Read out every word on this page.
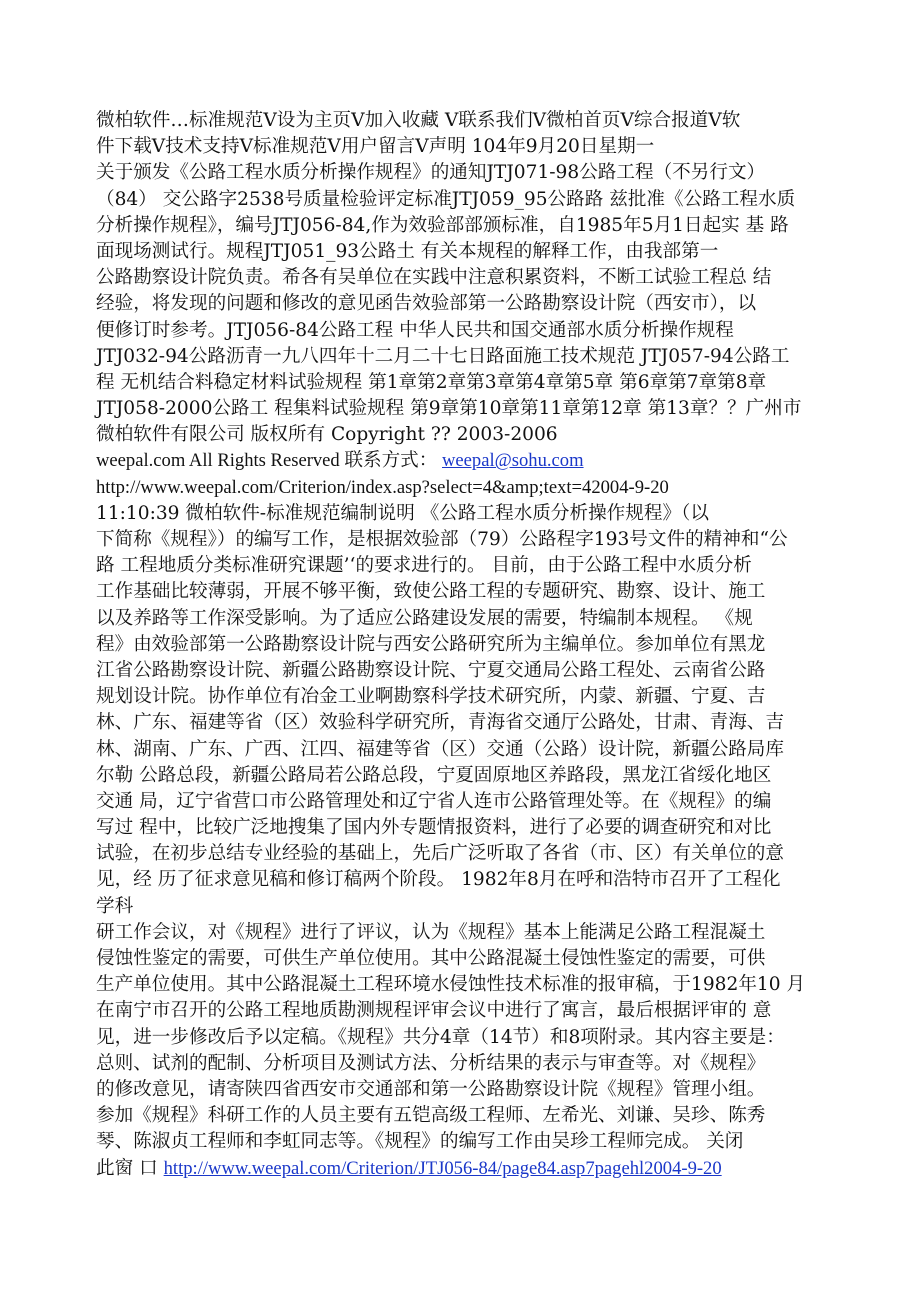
微柏软件…标准规范V设为主页V加入收藏 V联系我们V微柏首页V综合报道V软
件下载V技术支持V标准规范V用户留言V声明 104年9月20日星期一
关于颁发《公路工程水质分析操作规程》的通知JTJ071-98公路工程（不另行文）
（84） 交公路字2538号质量检验评定标准JTJ059_95公路路 兹批准《公路工程水质
分析操作规程》，编号JTJ056-84,作为效验部部颁标准，自1985年5月1日起实 基 路
面现场测试行。规程JTJ051_93公路土 有关本规程的解释工作，由我部第一
公路勘察设计院负责。希各有吴单位在实践中注意积累资料，不断工试验工程总 结
经验，将发现的问题和修改的意见函告效验部第一公路勘察设计院（西安市），以
便修订时参考。JTJ056-84公路工程 中华人民共和国交通部水质分析操作规程
JTJ032-94公路沥青一九八四年十二月二十七日路面施工技术规范 JTJ057-94公路工
程 无机结合料稳定材料试验规程 第1章第2章第3章第4章第5章 第6章第7章第8章
JTJ058-2000公路工 程集料试验规程 第9章第10章第11章第12章 第13章？？广州市
微柏软件有限公司 版权所有 Copyright ?? 2003-2006
weepal.com All Rights Reserved 联系方式： weepal@sohu.com
http://www.weepal.com/Criterion/index.asp?select=4&amp;text=42004-9-20
11:10:39 微柏软件-标准规范编制说明 《公路工程水质分析操作规程》（以
下简称《规程》）的编写工作，是根据效验部（79）公路程字193号文件的精神和“公
路 工程地质分类标准研究课题’‘的要求进行的。 目前，由于公路工程中水质分析
工作基础比较薄弱，开展不够平衡，致使公路工程的专题研究、勘察、设计、施工
以及养路等工作深受影响。为了适应公路建设发展的需要，特编制本规程。 《规
程》由效验部第一公路勘察设计院与西安公路研究所为主编单位。参加单位有黑龙
江省公路勘察设计院、新疆公路勘察设计院、宁夏交通局公路工程处、云南省公路
规划设计院。协作单位有冶金工业啊勘察科学技术研究所，内蒙、新疆、宁夏、吉
林、广东、福建等省（区）效验科学研究所，青海省交通厅公路处，甘肃、青海、吉
林、湖南、广东、广西、江四、福建等省（区）交通（公路）设计院，新疆公路局库
尔勒 公路总段，新疆公路局若公路总段，宁夏固原地区养路段，黑龙江省绥化地区
交通 局，辽宁省营口市公路管理处和辽宁省人连市公路管理处等。在《规程》的编
写过 程中，比较广泛地搜集了国内外专题情报资料，进行了必要的调查研究和对比
试验，在初步总结专业经验的基础上，先后广泛听取了各省（市、区）有关单位的意
见，经 历了征求意见稿和修订稿两个阶段。 1982年8月在呼和浩特市召开了工程化
学科
研工作会议，对《规程》进行了评议，认为《规程》基本上能满足公路工程混凝土
侵蚀性鉴定的需要，可供生产单位使用。其中公路混凝土侵蚀性鉴定的需要，可供
生产单位使用。其中公路混凝土工程环境水侵蚀性技术标准的报审稿，于1982年10 月
在南宁市召开的公路工程地质勘测规程评审会议中进行了寓言，最后根据评审的 意
见，进一步修改后予以定稿。《规程》共分4章（14节）和8项附录。其内容主要是：
总则、试剂的配制、分析项目及测试方法、分析结果的表示与审查等。对《规程》
的修改意见，请寄陕四省西安市交通部和第一公路勘察设计院《规程》管理小组。
参加《规程》科研工作的人员主要有五铠高级工程师、左希光、刘谦、吴珍、陈秀
琴、陈淑贞工程师和李虹同志等。《规程》的编写工作由吴珍工程师完成。 关闭
此窗 口 http://www.weepal.com/Criterion/JTJ056-84/page84.asp7pagehl2004-9-20
